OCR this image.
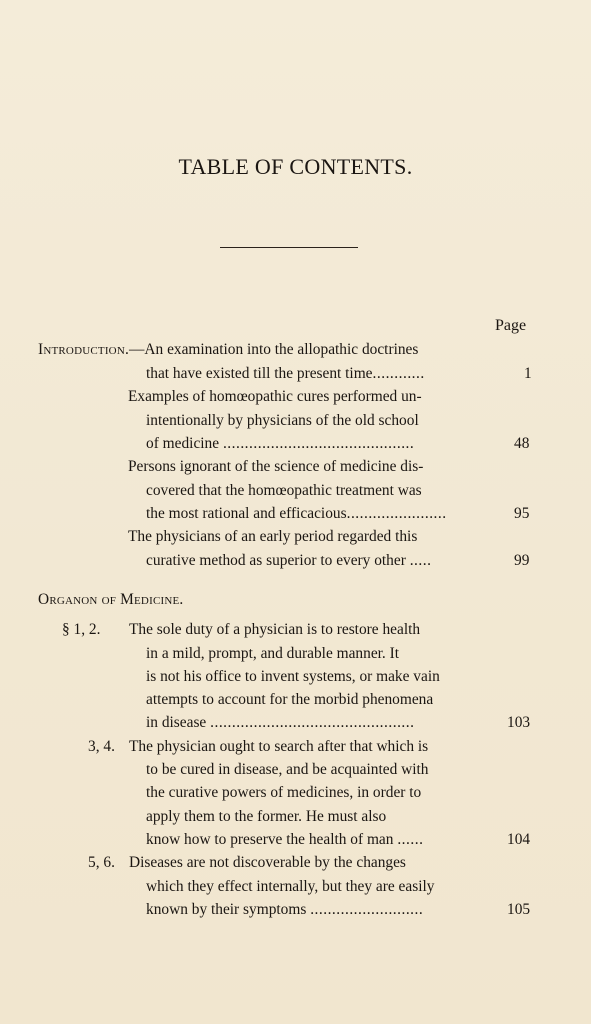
TABLE OF CONTENTS.
Page
Introduction.—An examination into the allopathic doctrines
that have existed till the present time............	1
Examples of homœopathic cures performed un-
intentionally by physicians of the old school
of medicine ............................................	48
Persons ignorant of the science of medicine dis-
covered that the homœopathic treatment was
the most rational and efficacious.......................	95
The physicians of an early period regarded this
curative method as superior to every other .....	99
Organon of Medicine.
§ 1, 2. The sole duty of a physician is to restore health
in a mild, prompt, and durable manner. It
is not his office to invent systems, or make vain
attempts to account for the morbid phenomena
in disease ...............................................	103
3, 4. The physician ought to search after that which is
to be cured in disease, and be acquainted with
the curative powers of medicines, in order to
apply them to the former. He must also
know how to preserve the health of man ......	104
5, 6. Diseases are not discoverable by the changes
which they effect internally, but they are easily
known by their symptoms ..........................	105
